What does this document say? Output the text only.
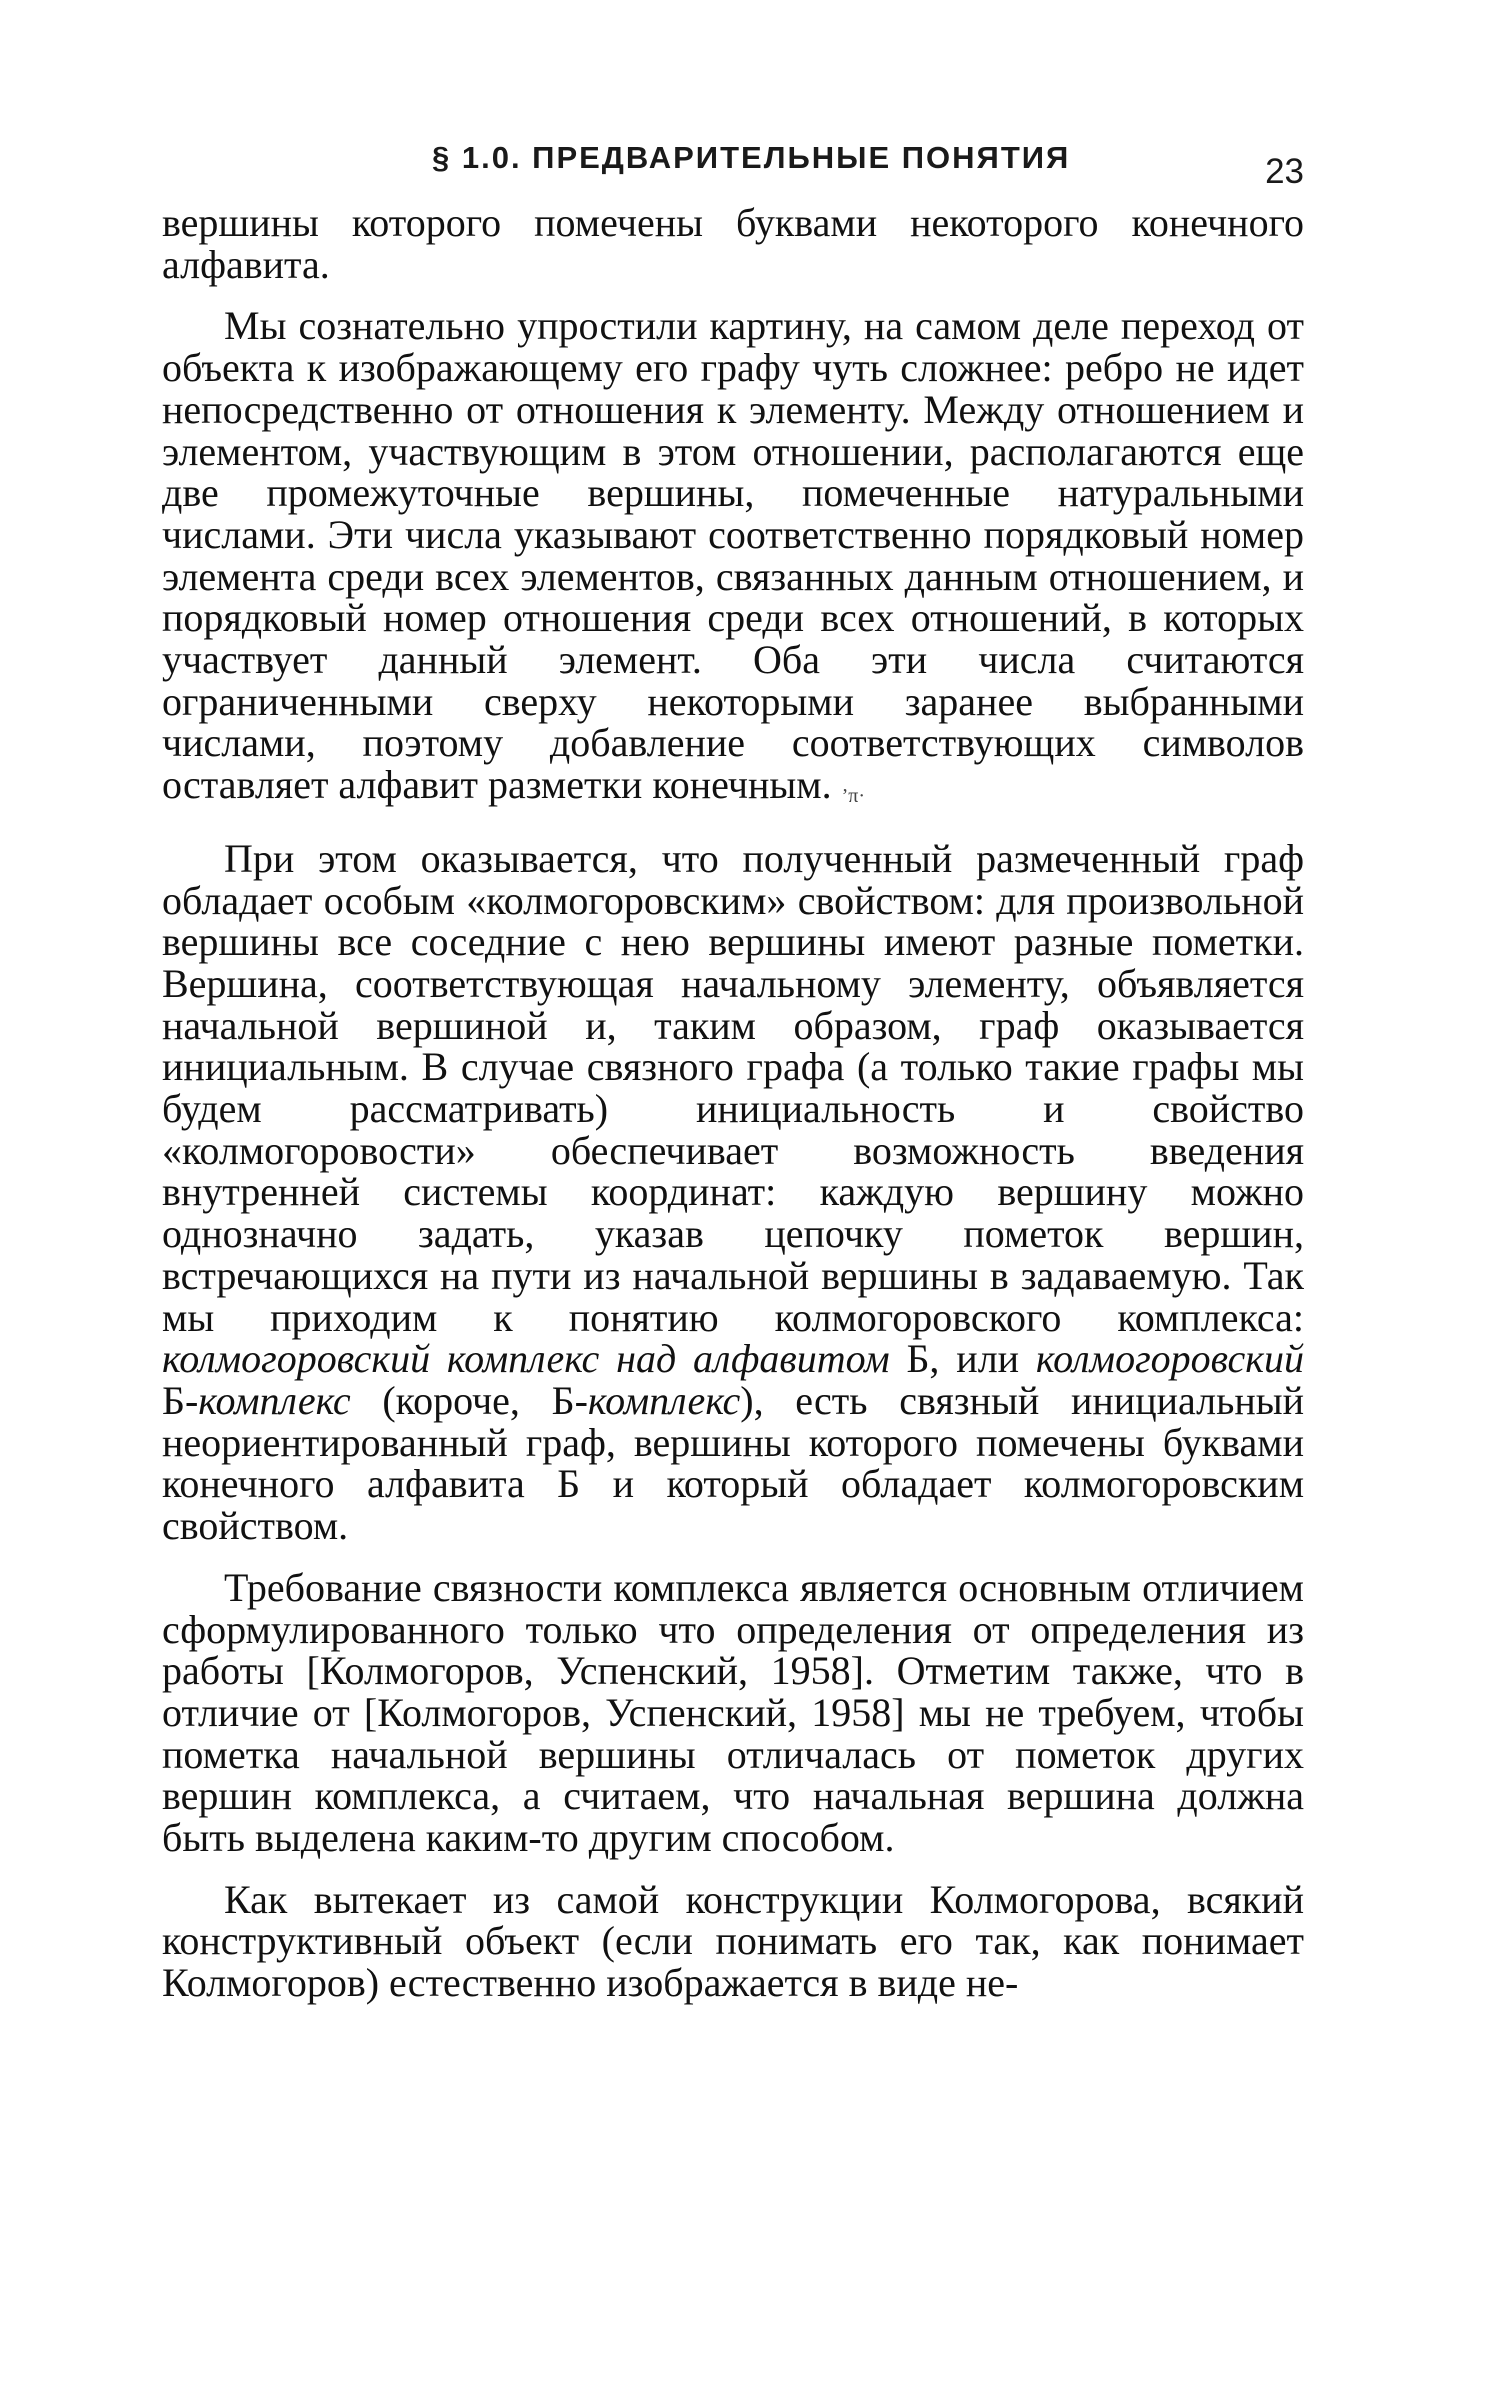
§ 1.0. ПРЕДВАРИТЕЛЬНЫЕ ПОНЯТИЯ	23

вершины которого помечены буквами некоторого конечного алфавита.

Мы сознательно упростили картину, на самом деле переход от объекта к изображающему его графу чуть сложнее: ребро не идет непосредственно от отношения к элементу. Между отношением и элементом, участвующим в этом отношении, располагаются еще две промежуточные вершины, помеченные натуральными числами. Эти числа указывают соответственно порядковый номер элемента среди всех элементов, связанных данным отношением, и порядковый номер отношения среди всех отношений, в которых участвует данный элемент. Оба эти числа считаются ограниченными сверху некоторыми заранее выбранными числами, поэтому добавление соответствующих символов оставляет алфавит разметки конечным. ’π·

При этом оказывается, что полученный размеченный граф обладает особым «колмогоровским» свойством: для произвольной вершины все соседние с нею вершины имеют разные пометки. Вершина, соответствующая начальному элементу, объявляется начальной вершиной и, таким образом, граф оказывается инициальным. В случае связного графа (а только такие графы мы будем рассматривать) инициальность и свойство «колмогоровости» обеспечивает возможность введения внутренней системы координат: каждую вершину можно однозначно задать, указав цепочку пометок вершин, встречающихся на пути из начальной вершины в задаваемую. Так мы приходим к понятию колмогоровского комплекса: колмогоровский комплекс над алфавитом Б, или колмогоровский Б-комплекс (короче, Б-комплекс), есть связный инициальный неориентированный граф, вершины которого помечены буквами конечного алфавита Б и который обладает колмогоровским свойством.

Требование связности комплекса является основным отличием сформулированного только что определения от определения из работы [Колмогоров, Успенский, 1958]. Отметим также, что в отличие от [Колмогоров, Успенский, 1958] мы не требуем, чтобы пометка начальной вершины отличалась от пометок других вершин комплекса, а считаем, что начальная вершина должна быть выделена каким-то другим способом.

Как вытекает из самой конструкции Колмогорова, всякий конструктивный объект (если понимать его так, как понимает Колмогоров) естественно изображается в виде не-
